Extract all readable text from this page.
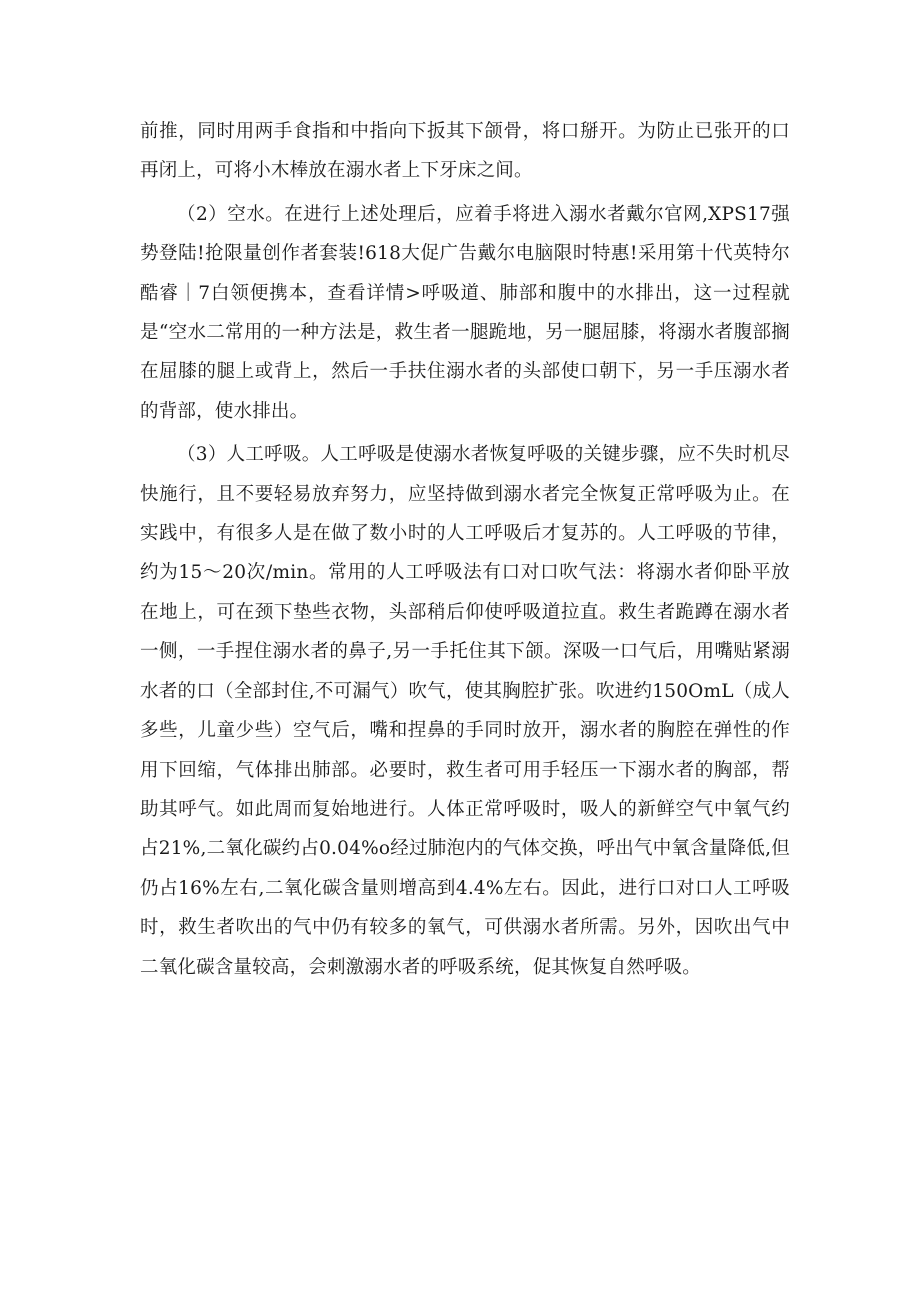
前推，同时用两手食指和中指向下扳其下颌骨，将口掰开。为防止已张开的口再闭上，可将小木棒放在溺水者上下牙床之间。

（2）空水。在进行上述处理后，应着手将进入溺水者戴尔官网,XPS17强势登陆!抢限量创作者套装!618大促广告戴尔电脑限时特惠!采用第十代英特尔酷睿｜7白领便携本，查看详情>呼吸道、肺部和腹中的水排出，这一过程就是“空水二常用的一种方法是，救生者一腿跪地，另一腿屈膝，将溺水者腹部搁在屈膝的腿上或背上，然后一手扶住溺水者的头部使口朝下，另一手压溺水者的背部，使水排出。

（3）人工呼吸。人工呼吸是使溺水者恢复呼吸的关键步骤，应不失时机尽快施行，且不要轻易放弃努力，应坚持做到溺水者完全恢复正常呼吸为止。在实践中，有很多人是在做了数小时的人工呼吸后才复苏的。人工呼吸的节律，约为15～20次/min。常用的人工呼吸法有口对口吹气法：将溺水者仰卧平放在地上，可在颈下垫些衣物，头部稍后仰使呼吸道拉直。救生者跪蹲在溺水者一侧，一手捏住溺水者的鼻子,另一手托住其下颌。深吸一口气后，用嘴贴紧溺水者的口（全部封住,不可漏气）吹气，使其胸腔扩张。吹进约150OmL（成人多些，儿童少些）空气后，嘴和捏鼻的手同时放开，溺水者的胸腔在弹性的作用下回缩，气体排出肺部。必要时，救生者可用手轻压一下溺水者的胸部，帮助其呼气。如此周而复始地进行。人体正常呼吸时，吸人的新鲜空气中氧气约占21%,二氧化碳约占0.04%o经过肺泡内的气体交换，呼出气中氧含量降低,但仍占16%左右,二氧化碳含量则增高到4.4%左右。因此，进行口对口人工呼吸时，救生者吹出的气中仍有较多的氧气，可供溺水者所需。另外，因吹出气中二氧化碳含量较高，会刺激溺水者的呼吸系统，促其恢复自然呼吸。
